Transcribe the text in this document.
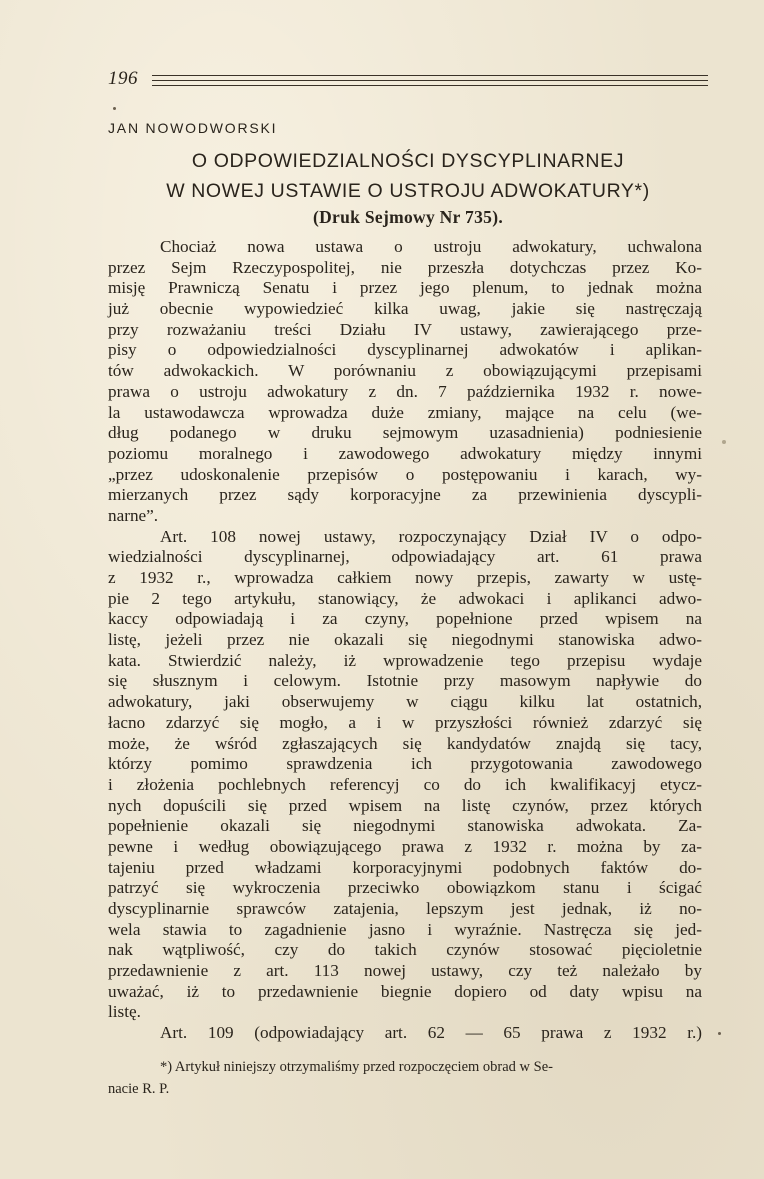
196
JAN NOWODWORSKI
O ODPOWIEDZIALNOŚCI DYSCYPLINARNEJ
W NOWEJ USTAWIE O USTROJU ADWOKATURY*)
(Druk Sejmowy Nr 735).
Chociaż nowa ustawa o ustroju adwokatury, uchwalona
przez Sejm Rzeczypospolitej, nie przeszła dotychczas przez Ko-
misję Prawniczą Senatu i przez jego plenum, to jednak można
już obecnie wypowiedzieć kilka uwag, jakie się nastręczają
przy rozważaniu treści Działu IV ustawy, zawierającego prze-
pisy o odpowiedzialności dyscyplinarnej adwokatów i aplikan-
tów adwokackich. W porównaniu z obowiązującymi przepisami
prawa o ustroju adwokatury z dn. 7 października 1932 r. nowe-
la ustawodawcza wprowadza duże zmiany, mające na celu (we-
dług podanego w druku sejmowym uzasadnienia) podniesienie
poziomu moralnego i zawodowego adwokatury między innymi
„przez udoskonalenie przepisów o postępowaniu i karach, wy-
mierzanych przez sądy korporacyjne za przewinienia dyscypli-
narne”.
Art. 108 nowej ustawy, rozpoczynający Dział IV o odpo-
wiedzialności dyscyplinarnej, odpowiadający art. 61 prawa
z 1932 r., wprowadza całkiem nowy przepis, zawarty w ustę-
pie 2 tego artykułu, stanowiący, że adwokaci i aplikanci adwo-
kaccy odpowiadają i za czyny, popełnione przed wpisem na
listę, jeżeli przez nie okazali się niegodnymi stanowiska adwo-
kata. Stwierdzić należy, iż wprowadzenie tego przepisu wydaje
się słusznym i celowym. Istotnie przy masowym napływie do
adwokatury, jaki obserwujemy w ciągu kilku lat ostatnich,
łacno zdarzyć się mogło, a i w przyszłości również zdarzyć się
może, że wśród zgłaszających się kandydatów znajdą się tacy,
którzy pomimo sprawdzenia ich przygotowania zawodowego
i złożenia pochlebnych referencyj co do ich kwalifikacyj etycz-
nych dopuścili się przed wpisem na listę czynów, przez których
popełnienie okazali się niegodnymi stanowiska adwokata. Za-
pewne i według obowiązującego prawa z 1932 r. można by za-
tajeniu przed władzami korporacyjnymi podobnych faktów do-
patrzyć się wykroczenia przeciwko obowiązkom stanu i ścigać
dyscyplinarnie sprawców zatajenia, lepszym jest jednak, iż no-
wela stawia to zagadnienie jasno i wyraźnie. Nastręcza się jed-
nak wątpliwość, czy do takich czynów stosować pięcioletnie
przedawnienie z art. 113 nowej ustawy, czy też należało by
uważać, iż to przedawnienie biegnie dopiero od daty wpisu na
listę.
Art. 109 (odpowiadający art. 62 — 65 prawa z 1932 r.)
*) Artykuł niniejszy otrzymaliśmy przed rozpoczęciem obrad w Se-
nacie R. P.
